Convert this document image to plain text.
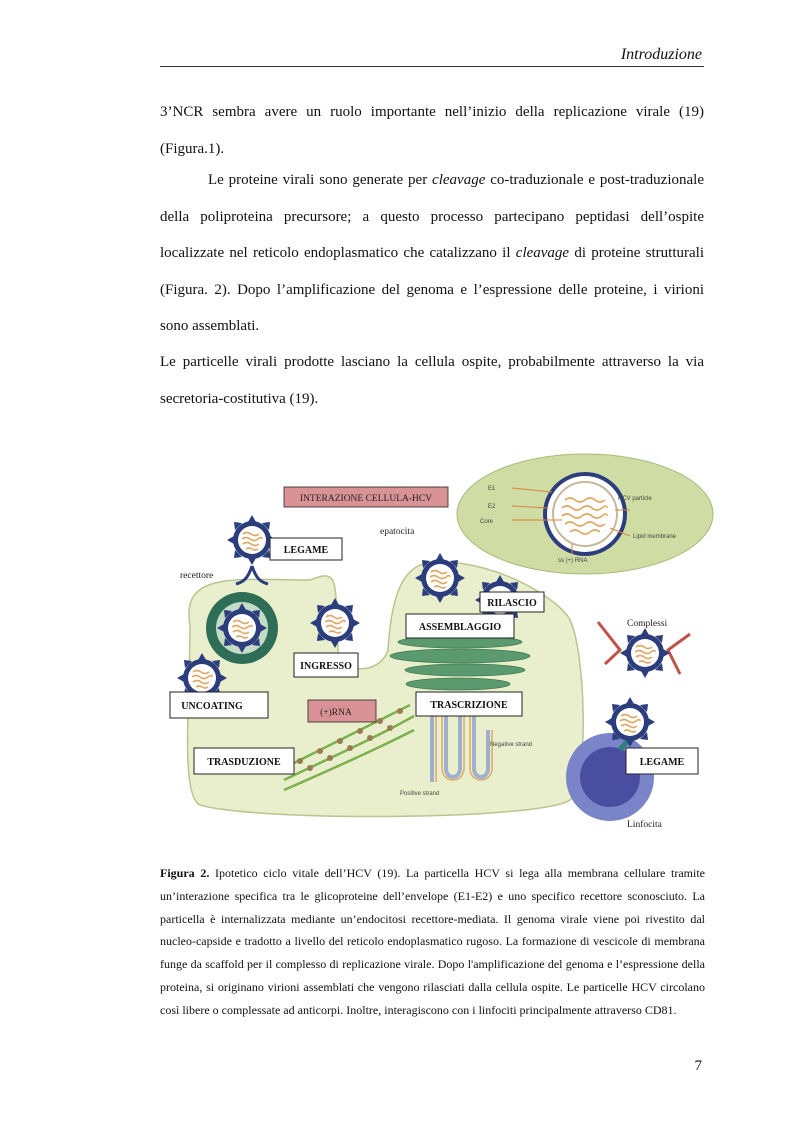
Introduzione

3’NCR sembra avere un ruolo importante nell’inizio della replicazione virale (19) (Figura.1).

Le proteine virali sono generate per cleavage co-traduzionale e post-traduzionale della poliproteina precursore; a questo processo partecipano peptidasi dell’ospite localizzate nel reticolo endoplasmatico che catalizzano il cleavage di proteine strutturali (Figura. 2). Dopo l’amplificazione del genoma e l’espressione delle proteine, i virioni sono assemblati.

Le particelle virali prodotte lasciano la cellula ospite, probabilmente attraverso la via secretoria-costitutiva (19).

E1
E2
Core
HCV particle
Lipid membrane
ss (+) RNA
Negative strand
Positive strand
INTERAZIONE CELLULA-HCV
epatocita
recettore
Complessi
Linfocita
LEGAME
RILASCIO
ASSEMBLAGGIO
INGRESSO
UNCOATING
(+)RNA
TRASCRIZIONE
TRASDUZIONE	LEGAME

Figura 2. Ipotetico ciclo vitale dell’HCV (19). La particella HCV si lega alla membrana cellulare tramite un’interazione specifica tra le glicoproteine dell’envelope (E1-E2) e uno specifico recettore sconosciuto. La particella è internalizzata mediante un’endocitosi recettore-mediata. Il genoma virale viene poi rivestito dal nucleo-capside e tradotto a livello del reticolo endoplasmatico rugoso. La formazione di vescicole di membrana funge da scaffold per il complesso di replicazione virale. Dopo l'amplificazione del genoma e l’espressione della proteina, si originano virioni assemblati che vengono rilasciati dalla cellula ospite. Le particelle HCV circolano così libere o complessate ad anticorpi. Inoltre, interagiscono con i linfociti principalmente attraverso CD81.

7
